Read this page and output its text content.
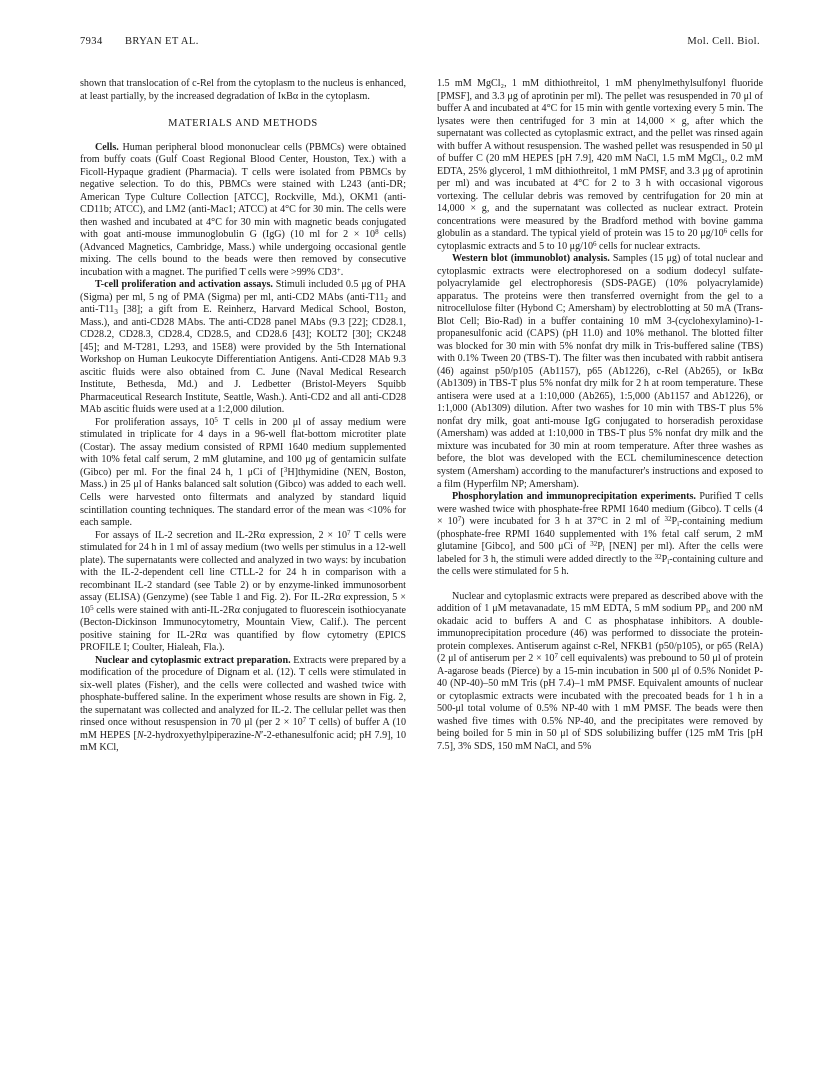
7934 BRYAN ET AL.	Mol. Cell. Biol.

shown that translocation of c-Rel from the cytoplasm to the nucleus is enhanced, at least partially, by the increased degradation of IκBα in the cytoplasm.

MATERIALS AND METHODS

Cells. Human peripheral blood mononuclear cells (PBMCs) were obtained from buffy coats (Gulf Coast Regional Blood Center, Houston, Tex.) with a Ficoll-Hypaque gradient (Pharmacia). T cells were isolated from PBMCs by negative selection. To do this, PBMCs were stained with L243 (anti-DR; American Type Culture Collection [ATCC], Rockville, Md.), OKM1 (anti-CD11b; ATCC), and LM2 (anti-Mac1; ATCC) at 4°C for 30 min. The cells were then washed and incubated at 4°C for 30 min with magnetic beads conjugated with goat anti-mouse immunoglobulin G (IgG) (10 ml for $2 \times 10^8$ cells) (Advanced Magnetics, Cambridge, Mass.) while undergoing occasional gentle mixing. The cells bound to the beads were then removed by consecutive incubation with a magnet. The purified T cells were >99% CD3+.

T-cell proliferation and activation assays. Stimuli included 0.5 μg of PHA (Sigma) per ml, 5 ng of PMA (Sigma) per ml, anti-CD2 MAbs ($anti-T11_2$ and anti-$T11_3$ [38]; a gift from E. Reinherz, Harvard Medical School, Boston, Mass.), and anti-CD28 MAbs. The anti-CD28 panel MAbs (9.3 [22]; CD28.1, CD28.2, CD28.3, CD28.4, CD28.5, and CD28.6 [43]; KOLT2 [30]; CK248 [45]; and M-T281, L293, and 15E8) were provided by the 5th International Workshop on Human Leukocyte Differentiation Antigens. Anti-CD28 MAb 9.3 ascitic fluids were also obtained from C. June (Naval Medical Research Institute, Bethesda, Md.) and J. Ledbetter (Bristol-Meyers Squibb Pharmaceutical Research Institute, Seattle, Wash.). Anti-CD2 and all anti-CD28 MAb ascitic fluids were used at a 1:2,000 dilution.

For proliferation assays, $10^5$ T cells in 200 μl of assay medium were stimulated in triplicate for 4 days in a 96-well flat-bottom microtiter plate (Costar). The assay medium consisted of RPMI 1640 medium supplemented with 10% fetal calf serum, 2 mM glutamine, and 100 μg of gentamicin sulfate (Gibco) per ml. For the final 24 h, 1 μCi of [$^3$H]thymidine (NEN, Boston, Mass.) in 25 μl of Hanks balanced salt solution (Gibco) was added to each well. Cells were harvested onto filtermats and analyzed by standard liquid scintillation counting techniques. The standard error of the mean was <10% for each sample.

For assays of IL-2 secretion and IL-2Rα expression, $2 \times 10^7$ T cells were stimulated for 24 h in 1 ml of assay medium (two wells per stimulus in a 12-well plate). The supernatants were collected and analyzed in two ways: by incubation with the IL-2-dependent cell line CTLL-2 for 24 h in comparison with a recombinant IL-2 standard (see Table 2) or by enzyme-linked immunosorbent assay (ELISA) (Genzyme) (see Table 1 and Fig. 2). For IL-2Rα expression, $5 \times 10^5$ cells were stained with anti-IL-2Rα conjugated to fluorescein isothiocyanate (Becton-Dickinson Immunocytometry, Mountain View, Calif.). The percent positive staining for IL-2Rα was quantified by flow cytometry (EPICS PROFILE I; Coulter, Hialeah, Fla.).

Nuclear and cytoplasmic extract preparation. Extracts were prepared by a modification of the procedure of Dignam et al. (12). T cells were stimulated in six-well plates (Fisher), and the cells were collected and washed twice with phosphate-buffered saline. In the experiment whose results are shown in Fig. 2, the supernatant was collected and analyzed for IL-2. The cellular pellet was then rinsed once without resuspension in 70 μl (per $2 \times 10^7$ T cells) of buffer A (10 mM HEPES [N-2-hydroxyethylpiperazine-N′-2-ethanesulfonic acid; pH 7.9], 10 mM KCl,

1.5 mM MgCl₂, 1 mM dithiothreitol, 1 mM phenylmethylsulfonyl fluoride [PMSF], and 3.3 μg of aprotinin per ml). The pellet was resuspended in 70 μl of buffer A and incubated at 4°C for 15 min with gentle vortexing every 5 min. The lysates were then centrifuged for 3 min at 14,000 × g, after which the supernatant was collected as cytoplasmic extract, and the pellet was rinsed again with buffer A without resuspension. The washed pellet was resuspended in 50 μl of buffer C (20 mM HEPES [pH 7.9], 420 mM NaCl, 1.5 mM MgCl₂, 0.2 mM EDTA, 25% glycerol, 1 mM dithiothreitol, 1 mM PMSF, and 3.3 μg of aprotinin per ml) and was incubated at 4°C for 2 to 3 h with occasional vigorous vortexing. The cellular debris was removed by centrifugation for 20 min at 14,000 × g, and the supernatant was collected as nuclear extract. Protein concentrations were measured by the Bradford method with bovine gamma globulin as a standard. The typical yield of protein was 15 to 20 $\mu g/10^6$ cells for cytoplasmic extracts and 5 to 10 $\mu g/10^6$ cells for nuclear extracts.

Western blot (immunoblot) analysis. Samples (15 μg) of total nuclear and cytoplasmic extracts were electrophoresed on a sodium dodecyl sulfate-polyacrylamide gel electrophoresis (SDS-PAGE) (10% polyacrylamide) apparatus. The proteins were then transferred overnight from the gel to a nitrocellulose filter (Hybond C; Amersham) by electroblotting at 50 mA (Trans-Blot Cell; Bio-Rad) in a buffer containing 10 mM 3-(cyclohexylamino)-1-propanesulfonic acid (CAPS) (pH 11.0) and 10% methanol. The blotted filter was blocked for 30 min with 5% nonfat dry milk in Tris-buffered saline (TBS) with 0.1% Tween 20 (TBS-T). The filter was then incubated with rabbit antisera (46) against p50/p105 (Ab1157), p65 (Ab1226), c-Rel (Ab265), or IκBα (Ab1309) in TBS-T plus 5% nonfat dry milk for 2 h at room temperature. These antisera were used at a 1:10,000 (Ab265), 1:5,000 (Ab1157 and Ab1226), or 1:1,000 (Ab1309) dilution. After two washes for 10 min with TBS-T plus 5% nonfat dry milk, goat anti-mouse IgG conjugated to horseradish peroxidase (Amersham) was added at 1:10,000 in TBS-T plus 5% nonfat dry milk and the mixture was incubated for 30 min at room temperature. After three washes as before, the blot was developed with the ECL chemiluminescence detection system (Amersham) according to the manufacturer's instructions and exposed to a film (Hyperfilm NP; Amersham).

Phosphorylation and immunoprecipitation experiments. Purified T cells were washed twice with phosphate-free RPMI 1640 medium (Gibco). T cells $(4 \times 10^7)$ were incubated for 3 h at 37°C in 2 ml of $^{32}P_i$-containing medium (phosphate-free RPMI 1640 supplemented with 1% fetal calf serum, 2 mM glutamine [Gibco], and 500 μCi of $^{32}P_i$ [NEN] per ml). After the cells were labeled for 3 h, the stimuli were added directly to the $^{32}P_i$-containing culture and the cells were stimulated for 5 h.

Nuclear and cytoplasmic extracts were prepared as described above with the addition of 1 μM metavanadate, 15 mM EDTA, 5 mM sodium $PP_i$, and 200 nM okadaic acid to buffers A and C as phosphatase inhibitors. A double-immunoprecipitation procedure (46) was performed to dissociate the protein-protein complexes. Antiserum against c-Rel, NFKB1 (p50/p105), or p65 (RelA) (2 μl of antiserum per $2 \times 10^7$ cell equivalents) was prebound to 50 μl of protein A-agarose beads (Pierce) by a 15-min incubation in 500 μl of 0.5% Nonidet P-40 (NP-40)–50 mM Tris (pH 7.4)–1 mM PMSF. Equivalent amounts of nuclear or cytoplasmic extracts were incubated with the precoated beads for 1 h in a 500-μl total volume of 0.5% NP-40 with 1 mM PMSF. The beads were then washed five times with 0.5% NP-40, and the precipitates were removed by being boiled for 5 min in 50 μl of SDS solubilizing buffer (125 mM Tris [pH 7.5], 3% SDS, 150 mM NaCl, and 5%
